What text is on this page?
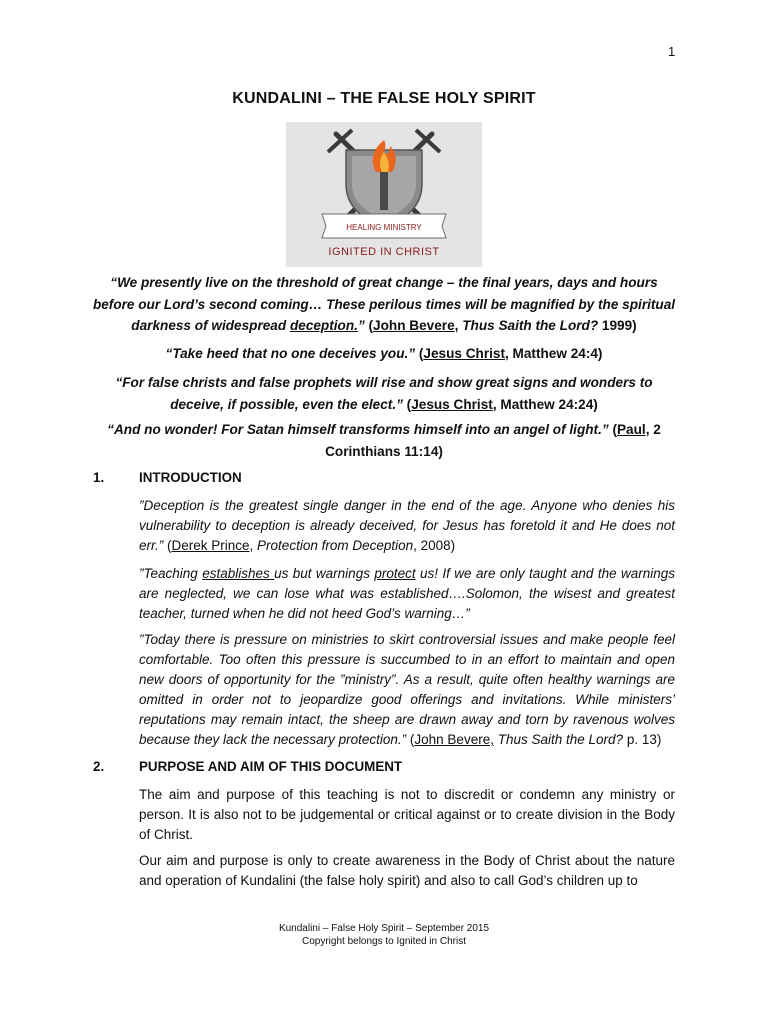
1
KUNDALINI – THE FALSE HOLY SPIRIT
HEALING MINISTRY
IGNITED IN CHRIST
“We presently live on the threshold of great change – the final years, days and hours before our Lord’s second coming… These perilous times will be magnified by the spiritual darkness of widespread deception.” (John Bevere, Thus Saith the Lord? 1999)
“Take heed that no one deceives you.” (Jesus Christ, Matthew 24:4)
“For false christs and false prophets will rise and show great signs and wonders to deceive, if possible, even the elect.” (Jesus Christ, Matthew 24:24)
“And no wonder! For Satan himself transforms himself into an angel of light.” (Paul, 2 Corinthians 11:14)
1.	INTRODUCTION
”Deception is the greatest single danger in the end of the age. Anyone who denies his vulnerability to deception is already deceived, for Jesus has foretold it and He does not err.” (Derek Prince, Protection from Deception, 2008)
”Teaching establishes us but warnings protect us! If we are only taught and the warnings are neglected, we can lose what was established….Solomon, the wisest and greatest teacher, turned when he did not heed God’s warning…”
”Today there is pressure on ministries to skirt controversial issues and make people feel comfortable. Too often this pressure is succumbed to in an effort to maintain and open new doors of opportunity for the ”ministry”. As a result, quite often healthy warnings are omitted in order not to jeopardize good offerings and invitations. While ministers’ reputations may remain intact, the sheep are drawn away and torn by ravenous wolves because they lack the necessary protection.” (John Bevere, Thus Saith the Lord? p. 13)
2.	PURPOSE AND AIM OF THIS DOCUMENT
The aim and purpose of this teaching is not to discredit or condemn any ministry or person. It is also not to be judgemental or critical against or to create division in the Body of Christ.
Our aim and purpose is only to create awareness in the Body of Christ about the nature and operation of Kundalini (the false holy spirit) and also to call God’s children up to
Kundalini – False Holy Spirit – September 2015
Copyright belongs to Ignited in Christ
